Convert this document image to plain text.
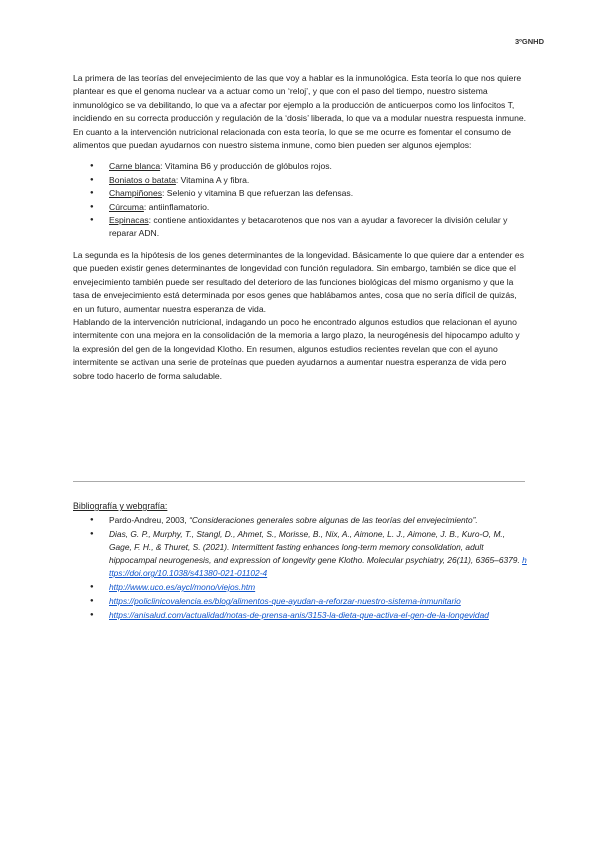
3ºGNHD

La primera de las teorías del envejecimiento de las que voy a hablar es la inmunológica. Esta teoría lo que nos quiere plantear es que el genoma nuclear va a actuar como un ‘reloj’, y que con el paso del tiempo, nuestro sistema inmunológico se va debilitando, lo que va a afectar por ejemplo a la producción de anticuerpos como los linfocitos T, incidiendo en su correcta producción y regulación de la ‘dosis’ liberada, lo que va a modular nuestra respuesta inmune.

En cuanto a la intervención nutricional relacionada con esta teoría, lo que se me ocurre es fomentar el consumo de alimentos que puedan ayudarnos con nuestro sistema inmune, como bien pueden ser algunos ejemplos:

● Carne blanca: Vitamina B6 y producción de glóbulos rojos.
● Boniatos o batata: Vitamina A y fibra.
● Champiñones: Selenio y vitamina B que refuerzan las defensas.
● Cúrcuma: antiinflamatorio.
● Espinacas: contiene antioxidantes y betacarotenos que nos van a ayudar a favorecer la división celular y reparar ADN.

La segunda es la hipótesis de los genes determinantes de la longevidad. Básicamente lo que quiere dar a entender es que pueden existir genes determinantes de longevidad con función reguladora. Sin embargo, también se dice que el envejecimiento también puede ser resultado del deterioro de las funciones biológicas del mismo organismo y que la tasa de envejecimiento está determinada por esos genes que hablábamos antes, cosa que no sería difícil de quizás, en un futuro, aumentar nuestra esperanza de vida.

Hablando de la intervención nutricional, indagando un poco he encontrado algunos estudios que relacionan el ayuno intermitente con una mejora en la consolidación de la memoria a largo plazo, la neurogénesis del hipocampo adulto y la expresión del gen de la longevidad Klotho. En resumen, algunos estudios recientes revelan que con el ayuno intermitente se activan una serie de proteínas que pueden ayudarnos a aumentar nuestra esperanza de vida pero sobre todo hacerlo de forma saludable.

Bibliografía y webgrafía:
● Pardo-Andreu, 2003, “Consideraciones generales sobre algunas de las teorías del envejecimiento”.
● Dias, G. P., Murphy, T., Stangl, D., Ahmet, S., Morisse, B., Nix, A., Aimone, L. J., Aimone, J. B., Kuro-O, M., Gage, F. H., & Thuret, S. (2021). Intermittent fasting enhances long-term memory consolidation, adult hippocampal neurogenesis, and expression of longevity gene Klotho. Molecular psychiatry, 26(11), 6365–6379. https://doi.org/10.1038/s41380-021-01102-4
● http://www.uco.es/aycl/mono/viejos.htm
● https://policlinicovalencia.es/blog/alimentos-que-ayudan-a-reforzar-nuestro-sistema-inmunitario
● https://anisalud.com/actualidad/notas-de-prensa-anis/3153-la-dieta-que-activa-el-gen-de-la-longevidad
